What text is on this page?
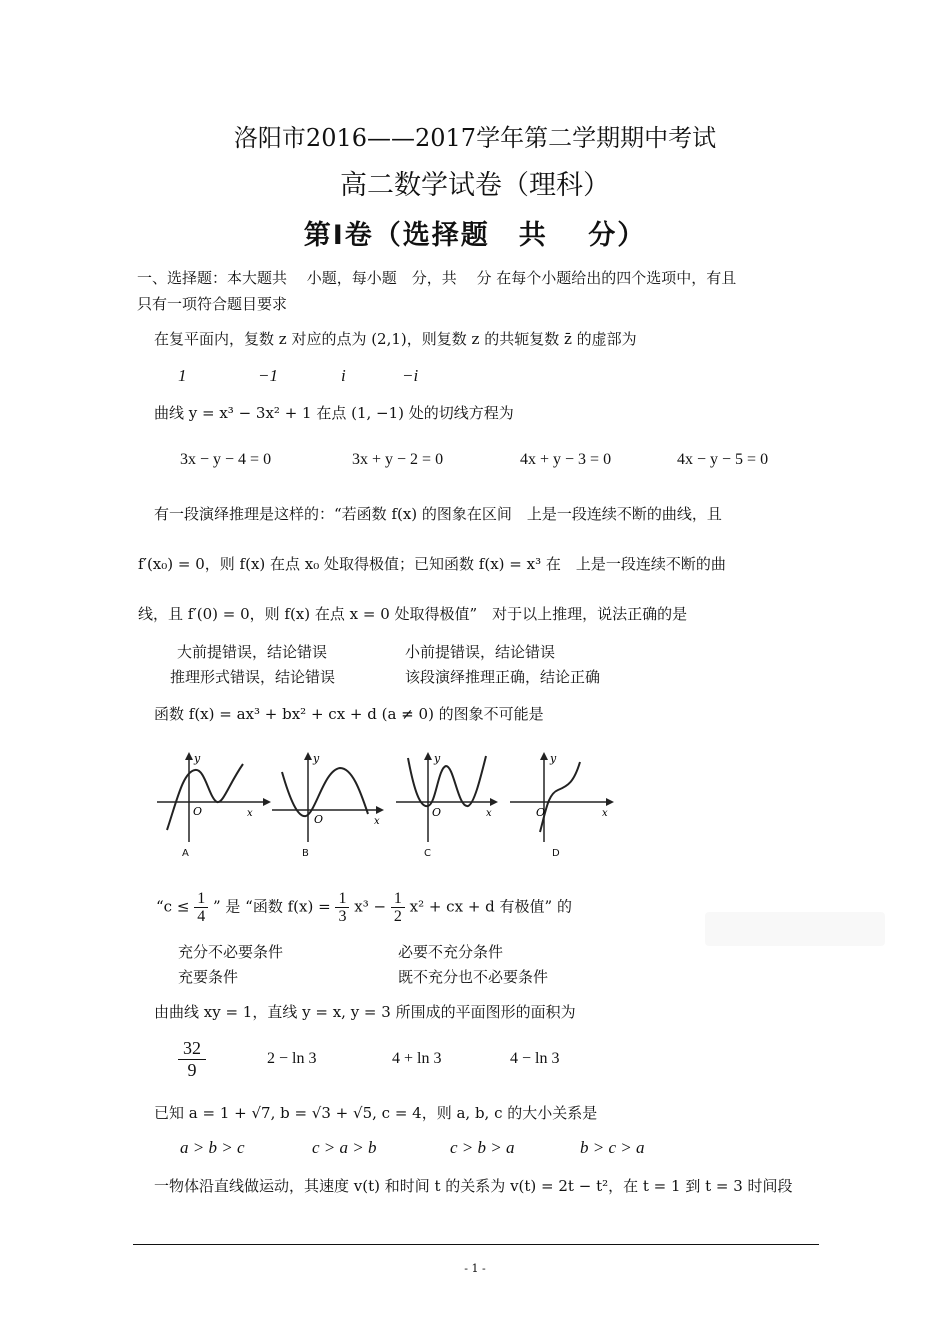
洛阳市2016——2017学年第二学期期中考试
高二数学试卷（理科）
第Ⅰ卷（选择题　共　 分）
一、选择题：本大题共　 小题，每小题　分，共　 分 在每个小题给出的四个选项中，有且
只有一项符合题目要求
在复平面内，复数 z 对应的点为 (2,1)，则复数 z 的共轭复数 z̄ 的虚部为
1	−1	i	−i
曲线 y = x³ − 3x² + 1 在点 (1, −1) 处的切线方程为
3x − y − 4 = 0	3x + y − 2 = 0	4x + y − 3 = 0	4x − y − 5 = 0
有一段演绎推理是这样的：“若函数 f(x) 的图象在区间　上是一段连续不断的曲线，且
f′(x₀) = 0，则 f(x) 在点 x₀ 处取得极值；已知函数 f(x) = x³ 在　上是一段连续不断的曲
线，且 f′(0) = 0，则 f(x) 在点 x = 0 处取得极值”　对于以上推理，说法正确的是
大前提错误，结论错误	小前提错误，结论错误
推理形式错误，结论错误	该段演绎推理正确，结论正确
函数 f(x) = ax³ + bx² + cx + d (a ≠ 0) 的图象不可能是
y
O	x
A
y
O	x
B
y
O	x
C
y
O	x
D
“$c \le \frac{1}{4}$ ” 是 “函数 $f(x) = \frac{1}{3} x^3 - \frac{1}{2} x^2$ + cx + d 有极值” 的
充分不必要条件	必要不充分条件
充要条件	既不充分也不必要条件
由曲线 xy = 1，直线 y = x, y = 3 所围成的平面图形的面积为
32
9
2 − ln 3	4 + ln 3	4 − ln 3
已知 a = 1 + √7, b = √3 + √5, c = 4，则 a, b, c 的大小关系是
a > b > c	c > a > b	c > b > a	b > c > a
一物体沿直线做运动，其速度 v(t) 和时间 t 的关系为 v(t) = 2t − t²，在 t = 1 到 t = 3 时间段
- 1 -
